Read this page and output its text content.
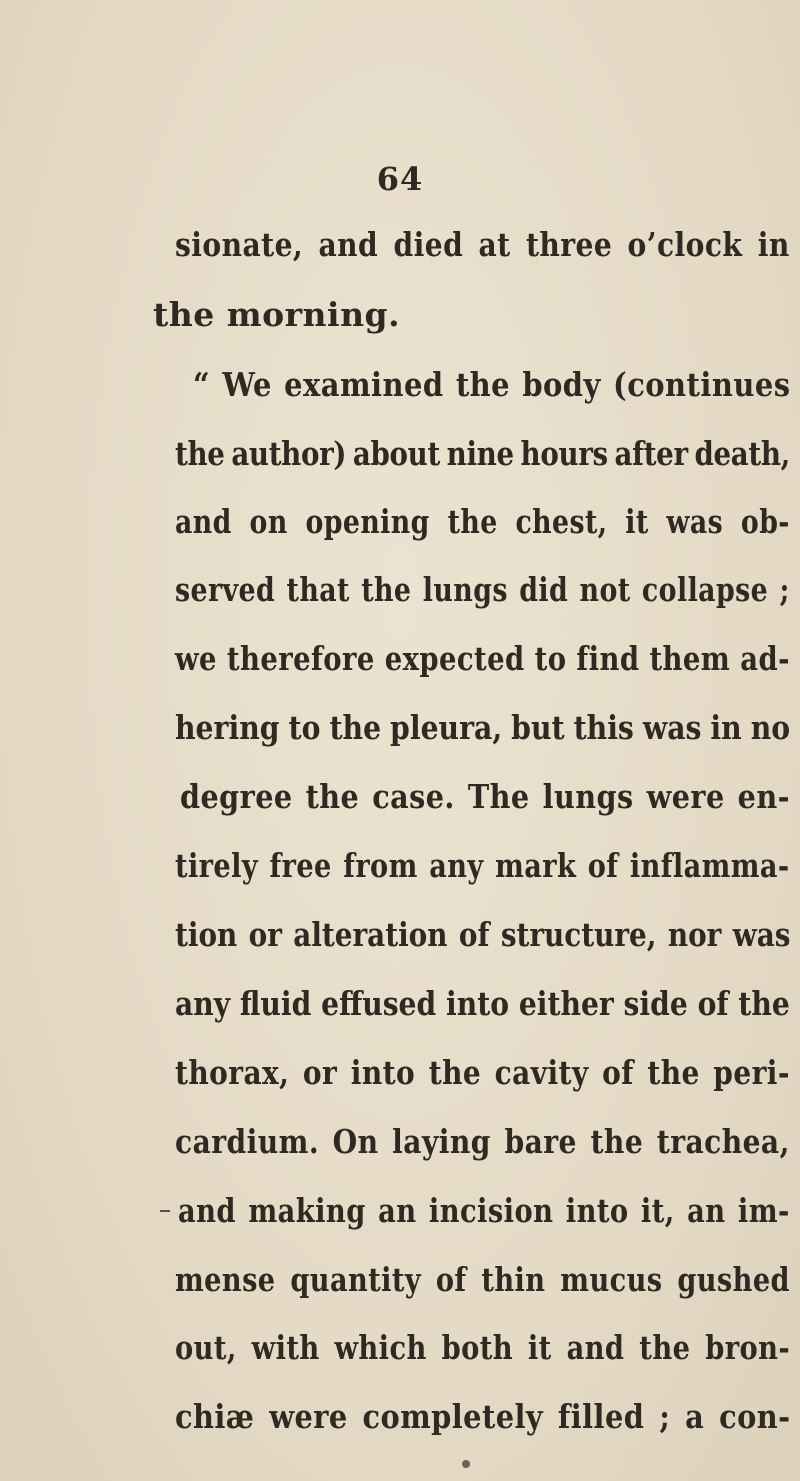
64
sionate, and died at three o’clock in
the morning.
“ We examined the body (continues
the author) about nine hours after death,
and on opening the chest, it was ob-
served that the lungs did not collapse ;
we therefore expected to find them ad-
hering to the pleura, but this was in no
degree the case. The lungs were en-
tirely free from any mark of inflamma-
tion or alteration of structure, nor was
any fluid effused into either side of the
thorax, or into the cavity of the peri-
cardium. On laying bare the trachea,
and making an incision into it, an im-
mense quantity of thin mucus gushed
out, with which both it and the bron-
chiæ were completely filled ; a con-
